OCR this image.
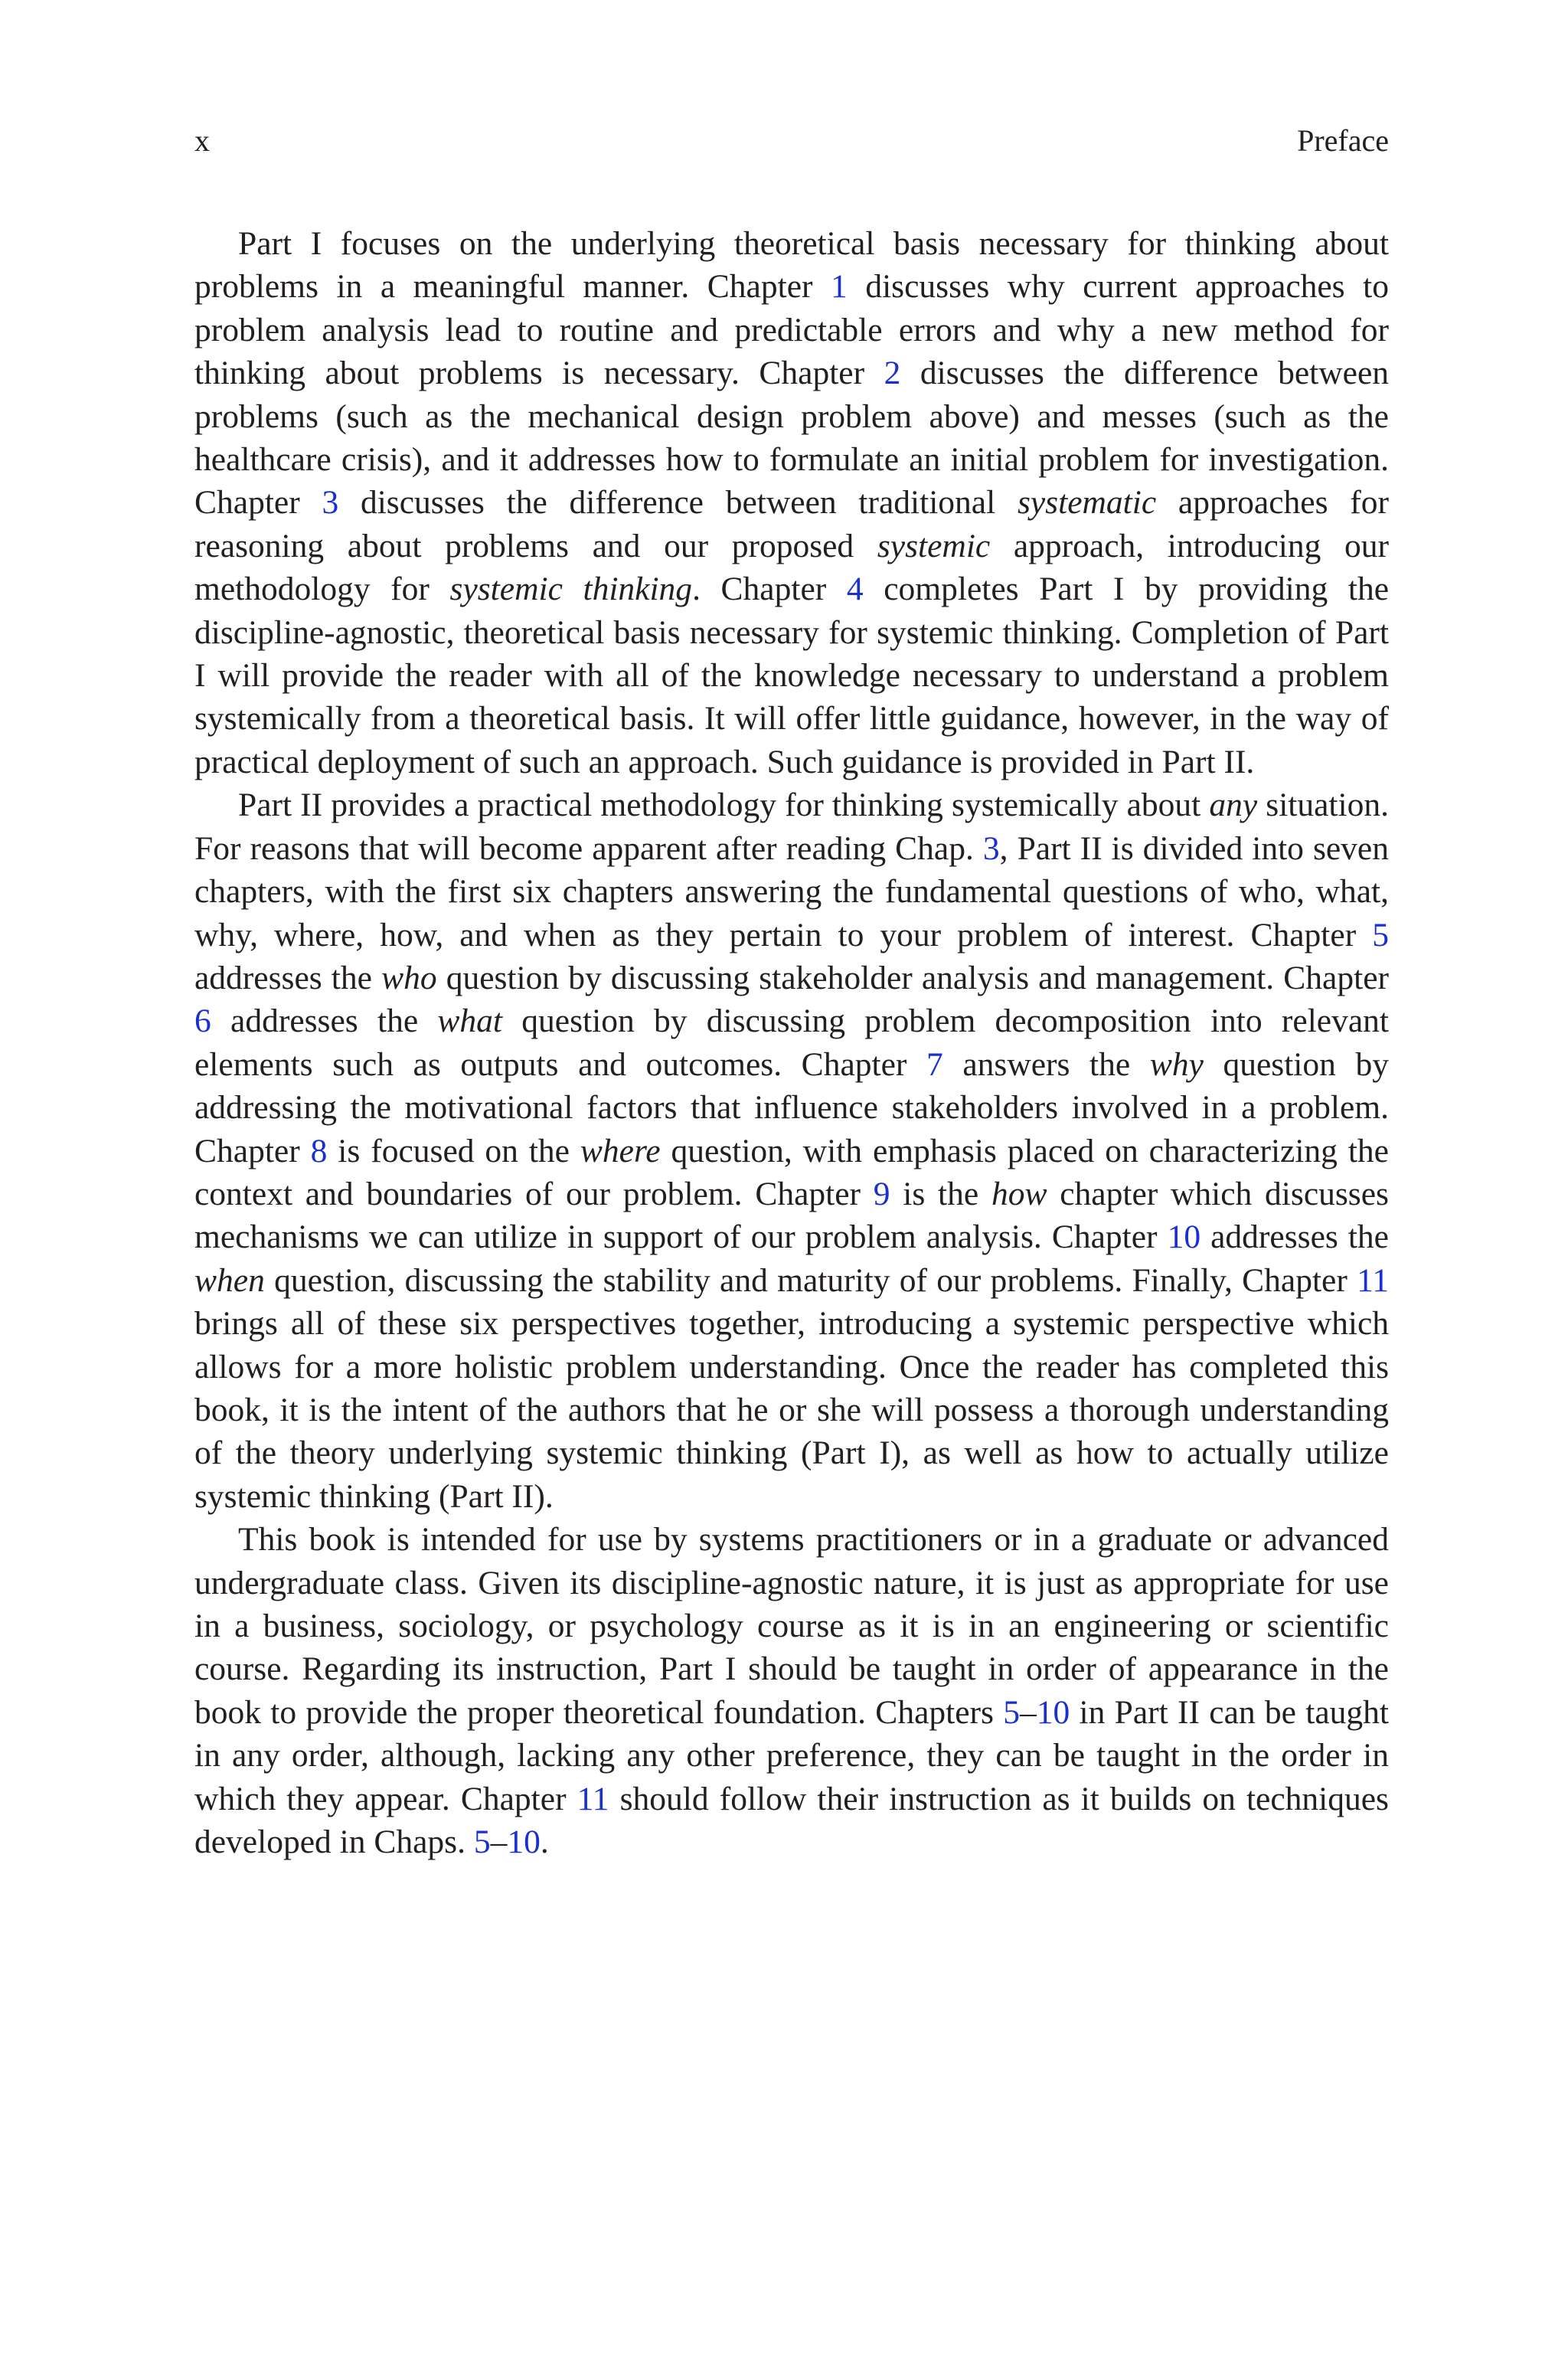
x	Preface

Part I focuses on the underlying theoretical basis necessary for thinking about problems in a meaningful manner. Chapter 1 discusses why current approaches to problem analysis lead to routine and predictable errors and why a new method for thinking about problems is necessary. Chapter 2 discusses the difference between problems (such as the mechanical design problem above) and messes (such as the healthcare crisis), and it addresses how to formulate an initial problem for investigation. Chapter 3 discusses the difference between traditional systematic approaches for reasoning about problems and our proposed systemic approach, introducing our methodology for systemic thinking. Chapter 4 completes Part I by providing the discipline-agnostic, theoretical basis necessary for systemic thinking. Completion of Part I will provide the reader with all of the knowledge necessary to understand a problem systemically from a theoretical basis. It will offer little guidance, however, in the way of practical deployment of such an approach. Such guidance is provided in Part II.

Part II provides a practical methodology for thinking systemically about any situation. For reasons that will become apparent after reading Chap. 3, Part II is divided into seven chapters, with the first six chapters answering the fundamental questions of who, what, why, where, how, and when as they pertain to your problem of interest. Chapter 5 addresses the who question by discussing stakeholder analysis and management. Chapter 6 addresses the what question by discussing problem decomposition into relevant elements such as outputs and outcomes. Chapter 7 answers the why question by addressing the motivational factors that influence stakeholders involved in a problem. Chapter 8 is focused on the where question, with emphasis placed on characterizing the context and boundaries of our problem. Chapter 9 is the how chapter which discusses mechanisms we can utilize in support of our problem analysis. Chapter 10 addresses the when question, discussing the stability and maturity of our problems. Finally, Chapter 11 brings all of these six perspectives together, introducing a systemic perspective which allows for a more holistic problem understanding. Once the reader has completed this book, it is the intent of the authors that he or she will possess a thorough understanding of the theory underlying systemic thinking (Part I), as well as how to actually utilize systemic thinking (Part II).

This book is intended for use by systems practitioners or in a graduate or advanced undergraduate class. Given its discipline-agnostic nature, it is just as appropriate for use in a business, sociology, or psychology course as it is in an engineering or scientific course. Regarding its instruction, Part I should be taught in order of appearance in the book to provide the proper theoretical foundation. Chapters 5–10 in Part II can be taught in any order, although, lacking any other preference, they can be taught in the order in which they appear. Chapter 11 should follow their instruction as it builds on techniques developed in Chaps. 5–10.
